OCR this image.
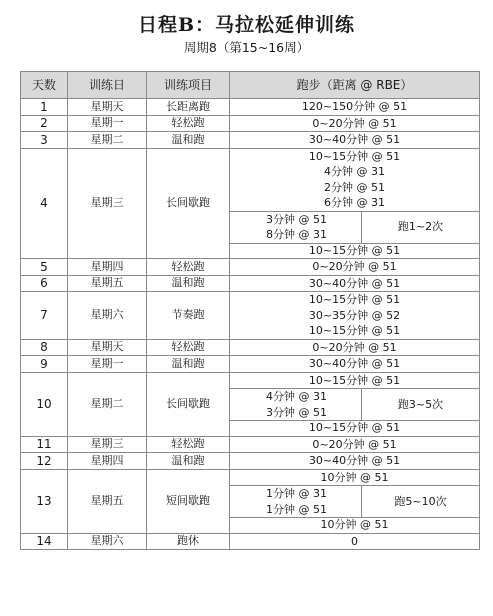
日程B：马拉松延伸训练
周期8（第15~16周）
天数	训练日	训练项目	跑步（距离 @ RBE）	
1	星期天	长距离跑	120~150分钟 @ 51	
2	星期一	轻松跑	0~20分钟 @ 51	
3	星期二	温和跑	30~40分钟 @ 51	
4	星期三	长间歇跑	10~15分钟 @ 51
4分钟 @ 31
2分钟 @ 51
6分钟 @ 31	
			3分钟 @ 51
8分钟 @ 31	跑1~2次
			10~15分钟 @ 51	
5	星期四	轻松跑	0~20分钟 @ 51	
6	星期五	温和跑	30~40分钟 @ 51	
7	星期六	节奏跑	10~15分钟 @ 51
30~35分钟 @ 52
10~15分钟 @ 51	
8	星期天	轻松跑	0~20分钟 @ 51	
9	星期一	温和跑	30~40分钟 @ 51	
10	星期二	长间歇跑	10~15分钟 @ 51	
			4分钟 @ 31
3分钟 @ 51	跑3~5次
			10~15分钟 @ 51	
11	星期三	轻松跑	0~20分钟 @ 51	
12	星期四	温和跑	30~40分钟 @ 51	
13	星期五	短间歇跑	10分钟 @ 51	
			1分钟 @ 31
1分钟 @ 51	跑5~10次
			10分钟 @ 51	
14	星期六	跑休	0	
